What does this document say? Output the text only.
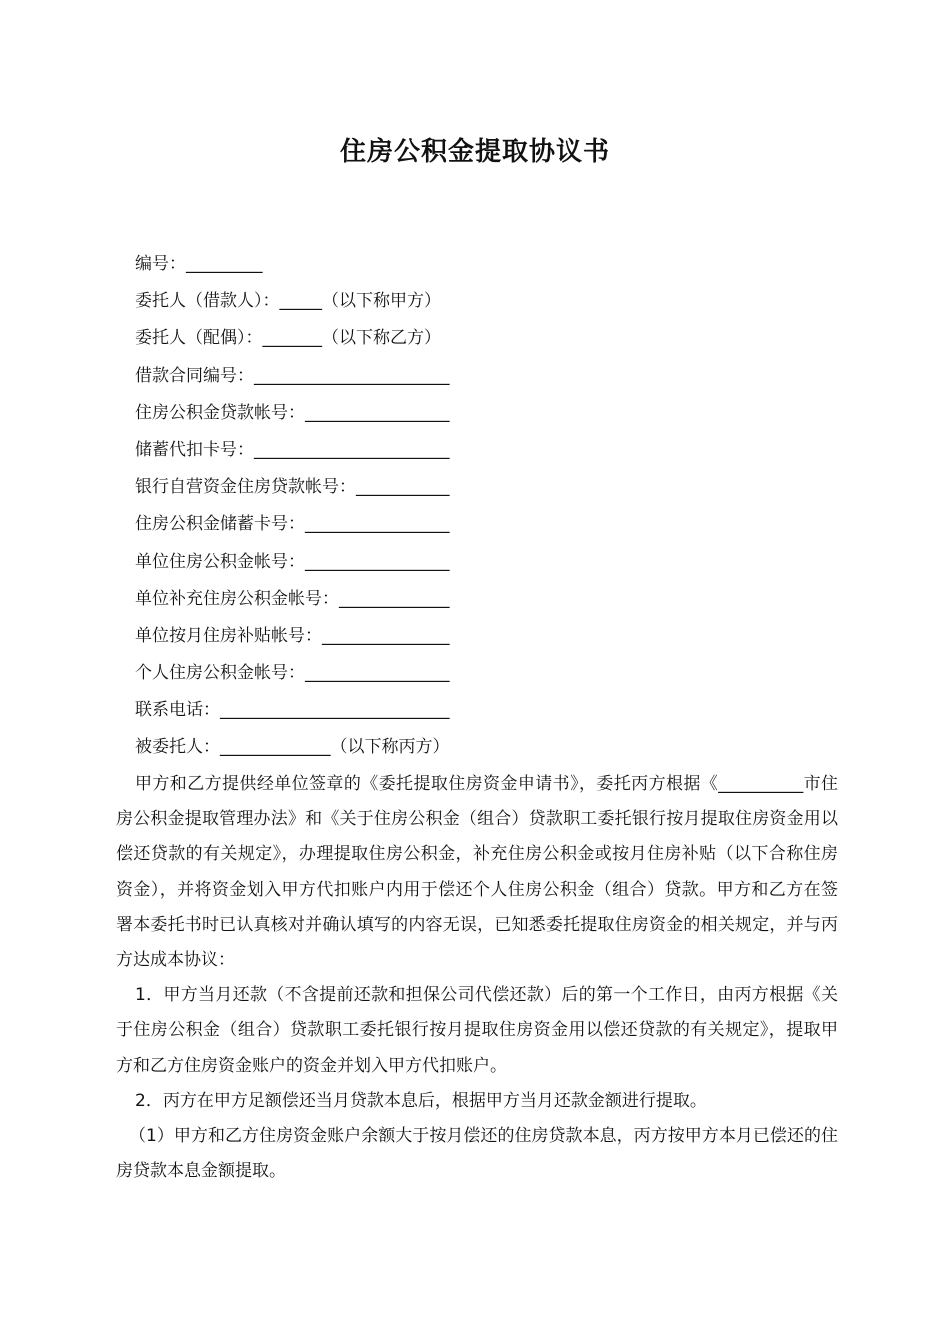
住房公积金提取协议书
编号：_________
委托人（借款人）：_____（以下称甲方）
委托人（配偶）：_______（以下称乙方）
借款合同编号：_______________________
住房公积金贷款帐号：_________________
储蓄代扣卡号：_______________________
银行自营资金住房贷款帐号：___________
住房公积金储蓄卡号：_________________
单位住房公积金帐号：_________________
单位补充住房公积金帐号：_____________
单位按月住房补贴帐号：_______________
个人住房公积金帐号：_________________
联系电话：___________________________
被委托人：_____________（以下称丙方）

甲方和乙方提供经单位签章的《委托提取住房资金申请书》，委托丙方根据《__________市住房公积金提取管理办法》和《关于住房公积金（组合）贷款职工委托银行按月提取住房资金用以偿还贷款的有关规定》，办理提取住房公积金，补充住房公积金或按月住房补贴（以下合称住房资金），并将资金划入甲方代扣账户内用于偿还个人住房公积金（组合）贷款。甲方和乙方在签署本委托书时已认真核对并确认填写的内容无误，已知悉委托提取住房资金的相关规定，并与丙方达成本协议：

1．甲方当月还款（不含提前还款和担保公司代偿还款）后的第一个工作日，由丙方根据《关于住房公积金（组合）贷款职工委托银行按月提取住房资金用以偿还贷款的有关规定》，提取甲方和乙方住房资金账户的资金并划入甲方代扣账户。

2．丙方在甲方足额偿还当月贷款本息后，根据甲方当月还款金额进行提取。

（1）甲方和乙方住房资金账户余额大于按月偿还的住房贷款本息，丙方按甲方本月已偿还的住房贷款本息金额提取。
